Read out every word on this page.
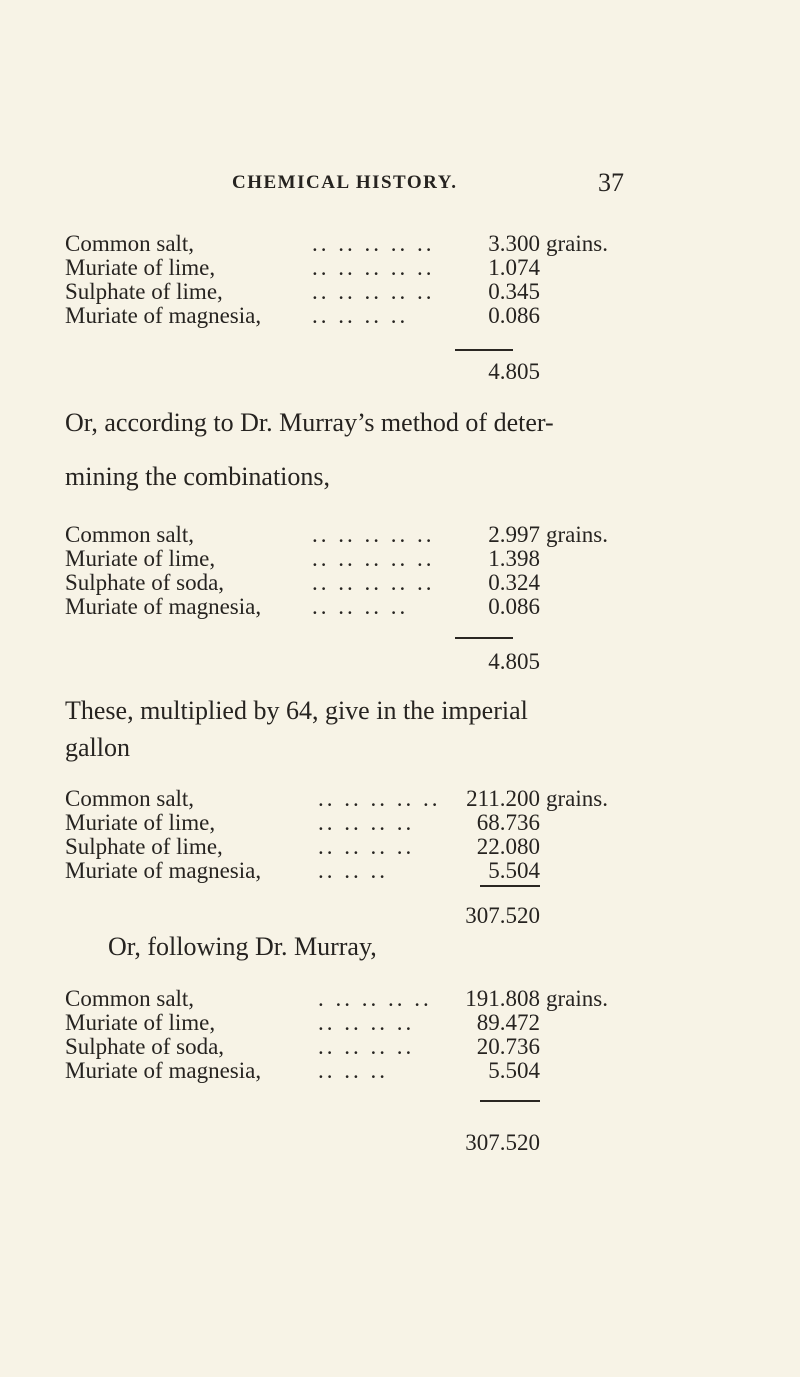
CHEMICAL HISTORY.	37
Common salt,	.. .. .. .. ..	3.300 grains.
Muriate of lime,	.. .. .. .. ..	1.074
Sulphate of lime,	.. .. .. .. ..	0.345
Muriate of magnesia, .. .. .. ..	0.086
4.805
Or, according to Dr. Murray’s method of deter-
mining the combinations,
Common salt,	.. .. .. .. ..	2.997 grains.
Muriate of lime,	.. .. .. .. ..	1.398
Sulphate of soda,	.. .. .. .. ..	0.324
Muriate of magnesia, .. .. .. ..	0.086
4.805
These, multiplied by 64, give in the imperial
gallon
Common salt,	.. .. .. .. ..	211.200 grains.
Muriate of lime,	.. .. .. ..	68.736
Sulphate of lime,	.. .. .. ..	22.080
Muriate of magnesia, .. .. ..	5.504
307.520
Or, following Dr. Murray,
Common salt,	. .. .. .. ..	191.808 grains.
Muriate of lime,	.. .. .. ..	89.472
Sulphate of soda,	.. .. .. ..	20.736
Muriate of magnesia, .. .. ..	5.504
307.520
